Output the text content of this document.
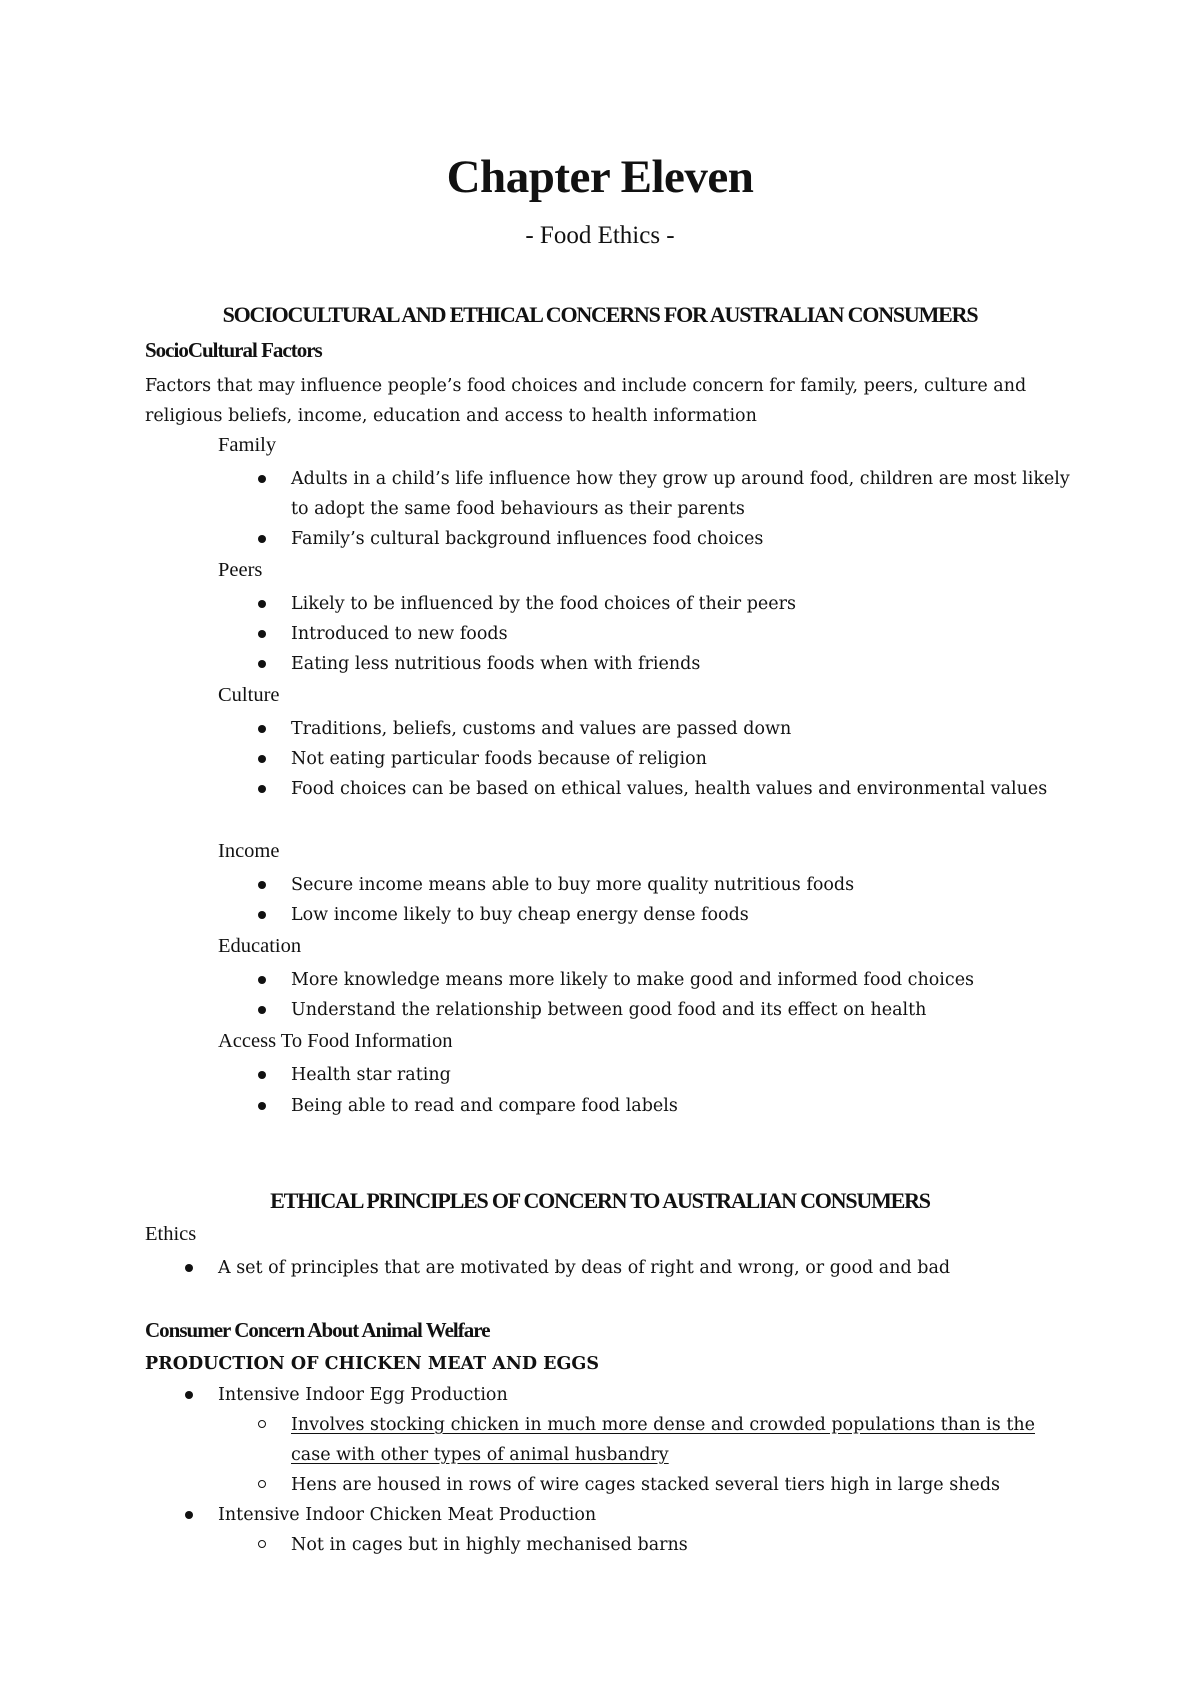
Chapter Eleven
- Food Ethics -
SOCIOCULTURAL AND ETHICAL CONCERNS FOR AUSTRALIAN CONSUMERS
SocioCultural Factors
Factors that may influence people’s food choices and include concern for family, peers, culture and religious beliefs, income, education and access to health information
Family
Adults in a child’s life influence how they grow up around food, children are most likely to adopt the same food behaviours as their parents
Family’s cultural background influences food choices
Peers
Likely to be influenced by the food choices of their peers
Introduced to new foods
Eating less nutritious foods when with friends
Culture
Traditions, beliefs, customs and values are passed down
Not eating particular foods because of religion
Food choices can be based on ethical values, health values and environmental values
Income
Secure income means able to buy more quality nutritious foods
Low income likely to buy cheap energy dense foods
Education
More knowledge means more likely to make good and informed food choices
Understand the relationship between good food and its effect on health
Access To Food Information
Health star rating
Being able to read and compare food labels
ETHICAL PRINCIPLES OF CONCERN TO AUSTRALIAN CONSUMERS
Ethics
A set of principles that are motivated by deas of right and wrong, or good and bad
Consumer Concern About Animal Welfare
PRODUCTION OF CHICKEN MEAT AND EGGS
Intensive Indoor Egg Production
Involves stocking chicken in much more dense and crowded populations than is the case with other types of animal husbandry
Hens are housed in rows of wire cages stacked several tiers high in large sheds
Intensive Indoor Chicken Meat Production
Not in cages but in highly mechanised barns
